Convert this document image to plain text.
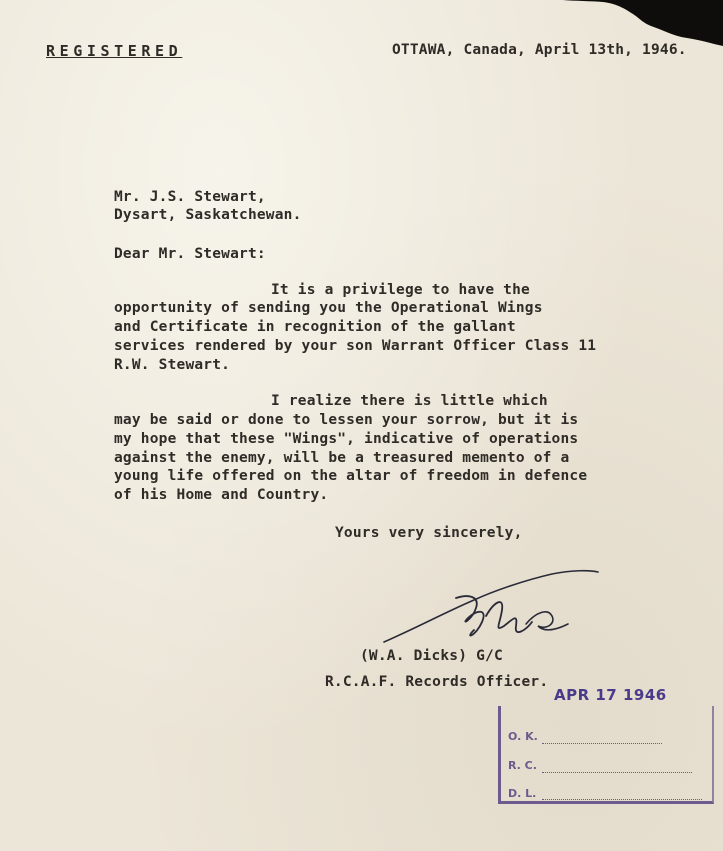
REGISTERED	OTTAWA, Canada, April 13th, 1946.
Mr. J.S. Stewart,
Dysart, Saskatchewan.
Dear Mr. Stewart:
It is a privilege to have the
opportunity of sending you the Operational Wings
and Certificate in recognition of the gallant
services rendered by your son Warrant Officer Class 11
R.W. Stewart.
I realize there is little which
may be said or done to lessen your sorrow, but it is
my hope that these "Wings", indicative of operations
against the enemy, will be a treasured memento of a
young life offered on the altar of freedom in defence
of his Home and Country.
Yours very sincerely,
(W.A. Dicks) G/C
R.C.A.F. Records Officer.
APR 17 1946
O. K.
R. C.
D. L.
